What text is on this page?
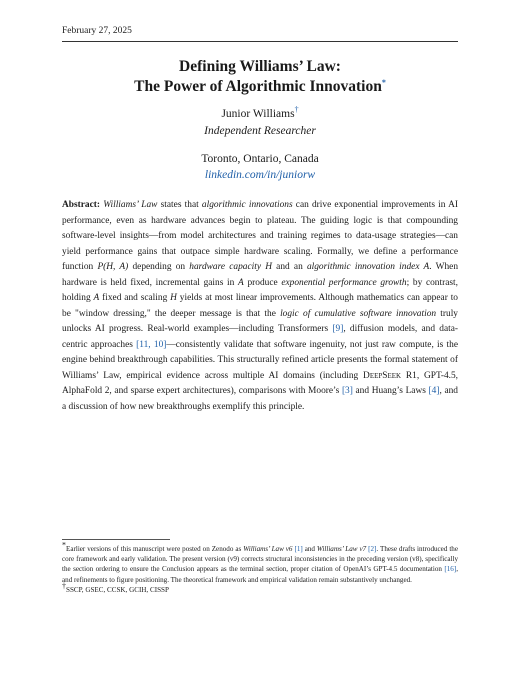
February 27, 2025
Defining Williams’ Law:
The Power of Algorithmic Innovation*
Junior Williams†
Independent Researcher
Toronto, Ontario, Canada
linkedin.com/in/juniorw

Abstract: Williams’ Law states that algorithmic innovations can drive exponential improvements in AI performance, even as hardware advances begin to plateau. The guiding logic is that compounding software-level insights—from model architectures and training regimes to data-usage strategies—can yield performance gains that outpace simple hardware scaling. Formally, we define a performance function P(H, A) depending on hardware capacity H and an algorithmic innovation index A. When hardware is held fixed, incremental gains in A produce exponential performance growth; by contrast, holding A fixed and scaling H yields at most linear improvements. Although mathematics can appear to be "window dressing," the deeper message is that the logic of cumulative software innovation truly unlocks AI progress. Real-world examples—including Transformers [9], diffusion models, and data-centric approaches [11, 10]—consistently validate that software ingenuity, not just raw compute, is the engine behind breakthrough capabilities. This structurally refined article presents the formal statement of Williams’ Law, empirical evidence across multiple AI domains (including DeepSeek R1, GPT-4.5, AlphaFold 2, and sparse expert architectures), comparisons with Moore’s [3] and Huang’s Laws [4], and a discussion of how new breakthroughs exemplify this principle.

*Earlier versions of this manuscript were posted on Zenodo as Williams’ Law v6 [1] and Williams’ Law v7 [2]. These drafts introduced the core framework and early validation. The present version (v9) corrects structural inconsistencies in the preceding version (v8), specifically the section ordering to ensure the Conclusion appears as the terminal section, proper citation of OpenAI’s GPT-4.5 documentation [16], and refinements to figure positioning. The theoretical framework and empirical validation remain substantively unchanged.

†SSCP, GSEC, CCSK, GCIH, CISSP
